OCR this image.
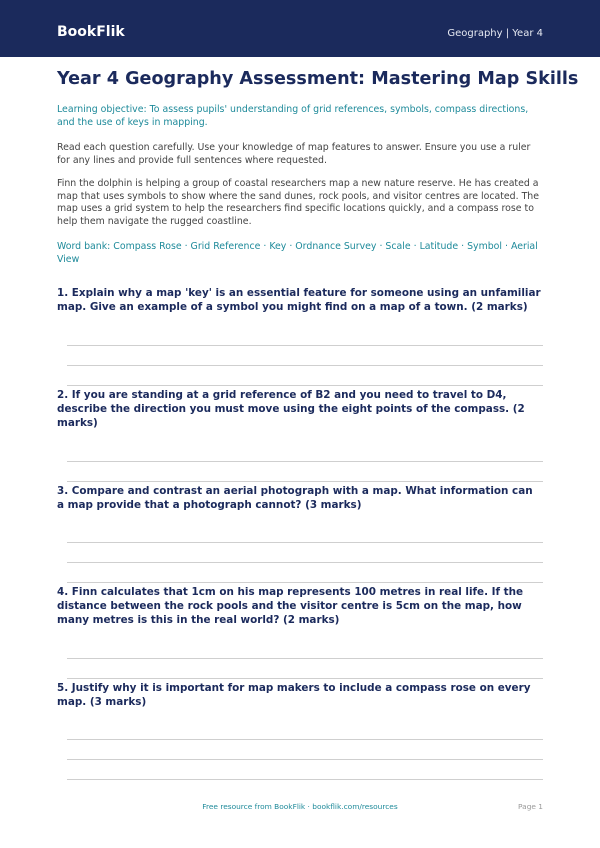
BookFlik	Geography | Year 4
Year 4 Geography Assessment: Mastering Map Skills
Learning objective: To assess pupils' understanding of grid references, symbols, compass directions, and the use of keys in mapping.
Read each question carefully. Use your knowledge of map features to answer. Ensure you use a ruler for any lines and provide full sentences where requested.
Finn the dolphin is helping a group of coastal researchers map a new nature reserve. He has created a map that uses symbols to show where the sand dunes, rock pools, and visitor centres are located. The map uses a grid system to help the researchers find specific locations quickly, and a compass rose to help them navigate the rugged coastline.
Word bank: Compass Rose · Grid Reference · Key · Ordnance Survey · Scale · Latitude · Symbol · Aerial View
1. Explain why a map 'key' is an essential feature for someone using an unfamiliar map. Give an example of a symbol you might find on a map of a town. (2 marks)
2. If you are standing at a grid reference of B2 and you need to travel to D4, describe the direction you must move using the eight points of the compass. (2 marks)
3. Compare and contrast an aerial photograph with a map. What information can a map provide that a photograph cannot? (3 marks)
4. Finn calculates that 1cm on his map represents 100 metres in real life. If the distance between the rock pools and the visitor centre is 5cm on the map, how many metres is this in the real world? (2 marks)
5. Justify why it is important for map makers to include a compass rose on every map. (3 marks)
Free resource from BookFlik · bookflik.com/resources	Page 1
